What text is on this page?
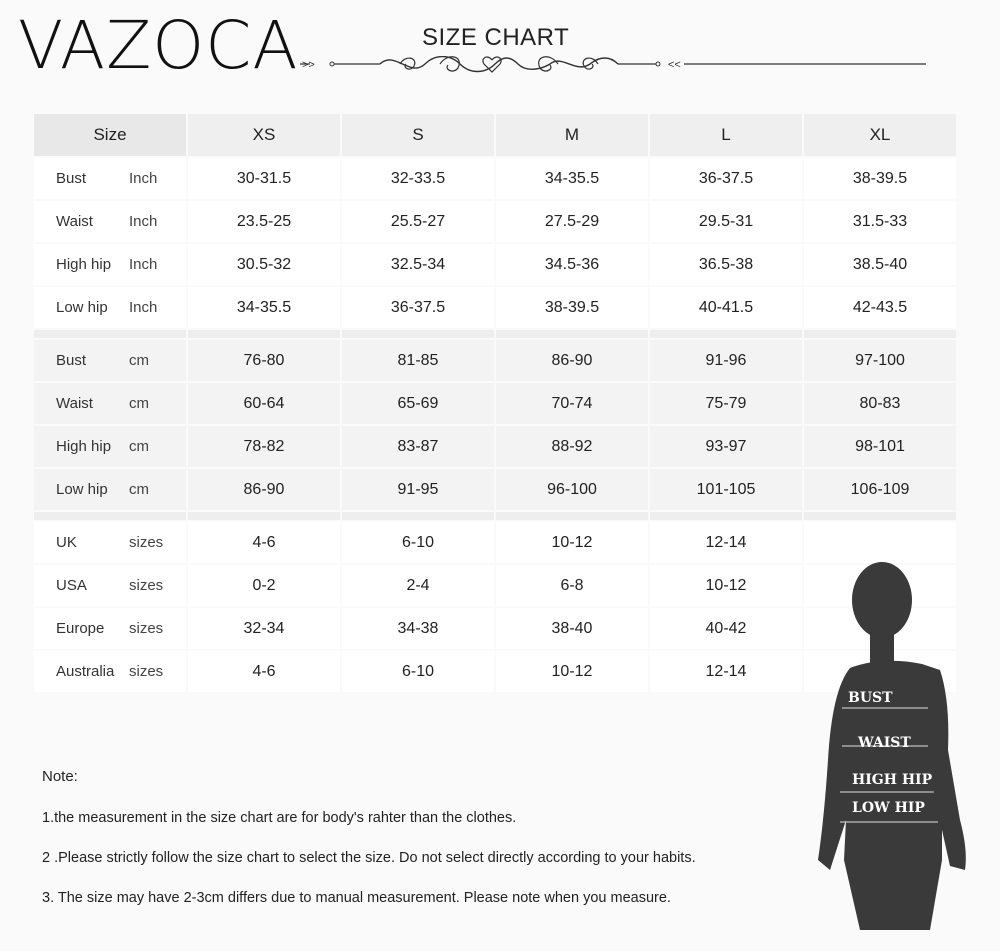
VAZOCA	SIZE CHART
>>	<<
Size	XS	S	M	L	XL
Bust Inch	30-31.5	32-33.5	34-35.5	36-37.5	38-39.5
Waist Inch	23.5-25	25.5-27	27.5-29	29.5-31	31.5-33
High hip Inch	30.5-32	32.5-34	34.5-36	36.5-38	38.5-40
Low hip Inch	34-35.5	36-37.5	38-39.5	40-41.5	42-43.5

Bust cm	76-80	81-85	86-90	91-96	97-100
Waist cm	60-64	65-69	70-74	75-79	80-83
High hip cm	78-82	83-87	88-92	93-97	98-101
Low hip cm	86-90	91-95	96-100	101-105	106-109

UK sizes	4-6	6-10	10-12	12-14	
USA sizes	0-2	2-4	6-8	10-12	
Europe sizes	32-34	34-38	38-40	40-42	
Australia sizes	4-6	6-10	10-12	12-14	
Note:
1.the measurement in the size chart are for body's rahter than the clothes.
2 .Please strictly follow the size chart to select the size. Do not select directly according to your habits.
3. The size may have 2-3cm differs due to manual measurement. Please note when you measure.
BUST
WAIST
HIGH HIP
LOW HIP
